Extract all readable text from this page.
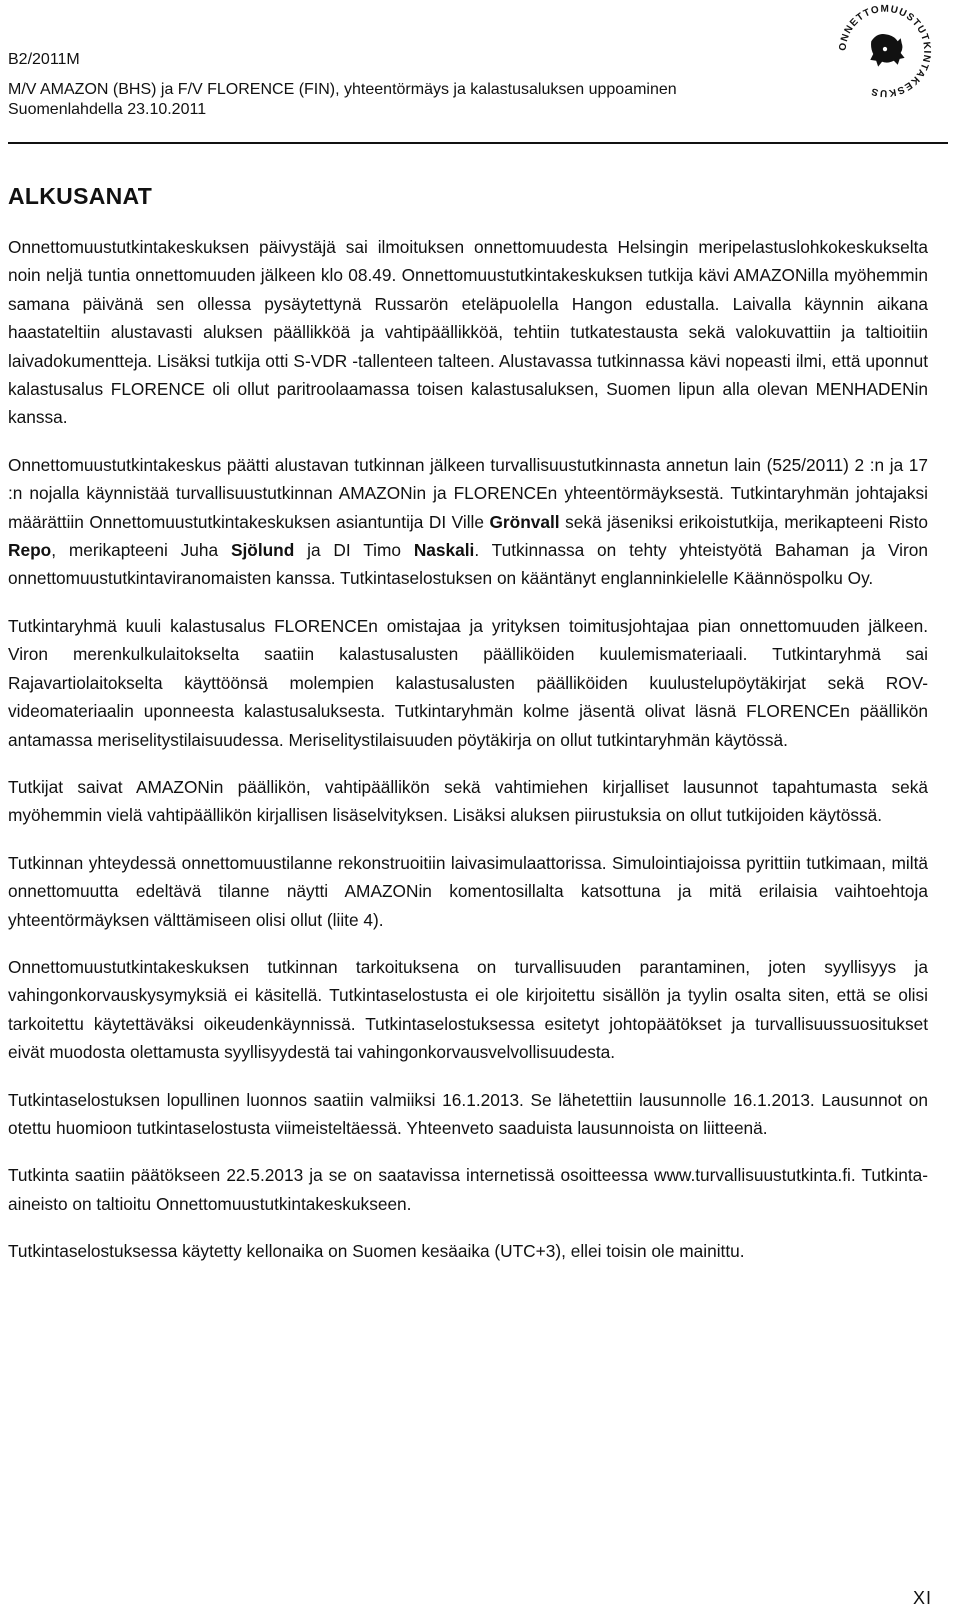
B2/2011M

M/V AMAZON (BHS) ja F/V FLORENCE (FIN), yhteentörmäys ja kalastusaluksen uppoaminen

Suomenlahdella 23.10.2011

ONNETTOMUUSTUTKINTAKESKUS
ALKUSANAT

Onnettomuustutkintakeskuksen päivystäjä sai ilmoituksen onnettomuudesta Helsingin meripelastuslohkokeskukselta noin neljä tuntia onnettomuuden jälkeen klo 08.49. Onnettomuustutkintakeskuksen tutkija kävi AMAZONilla myöhemmin samana päivänä sen ollessa pysäytettynä Russarön eteläpuolella Hangon edustalla. Laivalla käynnin aikana haastateltiin alustavasti aluksen päällikköä ja vahtipäällikköä, tehtiin tutkatestausta sekä valokuvattiin ja taltioitiin laivadokumentteja. Lisäksi tutkija otti S-VDR -tallenteen talteen. Alustavassa tutkinnassa kävi nopeasti ilmi, että uponnut kalastusalus FLORENCE oli ollut paritroolaamassa toisen kalastusaluksen, Suomen lipun alla olevan MENHADENin kanssa.

Onnettomuustutkintakeskus päätti alustavan tutkinnan jälkeen turvallisuustutkinnasta annetun lain (525/2011) 2 :n ja 17 :n nojalla käynnistää turvallisuustutkinnan AMAZONin ja FLORENCEn yhteentörmäyksestä. Tutkintaryhmän johtajaksi määrättiin Onnettomuustutkintakeskuksen asiantuntija DI Ville Grönvall sekä jäseniksi erikoistutkija, merikapteeni Risto Repo, merikapteeni Juha Sjölund ja DI Timo Naskali. Tutkinnassa on tehty yhteistyötä Bahaman ja Viron onnettomuustutkintaviranomaisten kanssa. Tutkintaselostuksen on kääntänyt englanninkielelle Käännöspolku Oy.

Tutkintaryhmä kuuli kalastusalus FLORENCEn omistajaa ja yrityksen toimitusjohtajaa pian onnettomuuden jälkeen. Viron merenkulkulaitokselta saatiin kalastusalusten päälliköiden kuulemismateriaali. Tutkintaryhmä sai Rajavartiolaitokselta käyttöönsä molempien kalastusalusten päälliköiden kuulustelupöytäkirjat sekä ROV-videomateriaalin uponneesta kalastusaluksesta. Tutkintaryhmän kolme jäsentä olivat läsnä FLORENCEn päällikön antamassa meriselitystilaisuudessa. Meriselitystilaisuuden pöytäkirja on ollut tutkintaryhmän käytössä.

Tutkijat saivat AMAZONin päällikön, vahtipäällikön sekä vahtimiehen kirjalliset lausunnot tapahtumasta sekä myöhemmin vielä vahtipäällikön kirjallisen lisäselvityksen. Lisäksi aluksen piirustuksia on ollut tutkijoiden käytössä.

Tutkinnan yhteydessä onnettomuustilanne rekonstruoitiin laivasimulaattorissa. Simulointiajoissa pyrittiin tutkimaan, miltä onnettomuutta edeltävä tilanne näytti AMAZONin komentosillalta katsottuna ja mitä erilaisia vaihtoehtoja yhteentörmäyksen välttämiseen olisi ollut (liite 4).

Onnettomuustutkintakeskuksen tutkinnan tarkoituksena on turvallisuuden parantaminen, joten syyllisyys ja vahingonkorvauskysymyksiä ei käsitellä. Tutkintaselostusta ei ole kirjoitettu sisällön ja tyylin osalta siten, että se olisi tarkoitettu käytettäväksi oikeudenkäynnissä. Tutkintaselostuksessa esitetyt johtopäätökset ja turvallisuussuositukset eivät muodosta olettamusta syyllisyydestä tai vahingonkorvausvelvollisuudesta.

Tutkintaselostuksen lopullinen luonnos saatiin valmiiksi 16.1.2013. Se lähetettiin lausunnolle 16.1.2013. Lausunnot on otettu huomioon tutkintaselostusta viimeisteltäessä. Yhteenveto saaduista lausunnoista on liitteenä.

Tutkinta saatiin päätökseen 22.5.2013 ja se on saatavissa internetissä osoitteessa www.turvallisuustutkinta.fi. Tutkinta-aineisto on taltioitu Onnettomuustutkintakeskukseen.

Tutkintaselostuksessa käytetty kellonaika on Suomen kesäaika (UTC+3), ellei toisin ole mainittu.

XI
